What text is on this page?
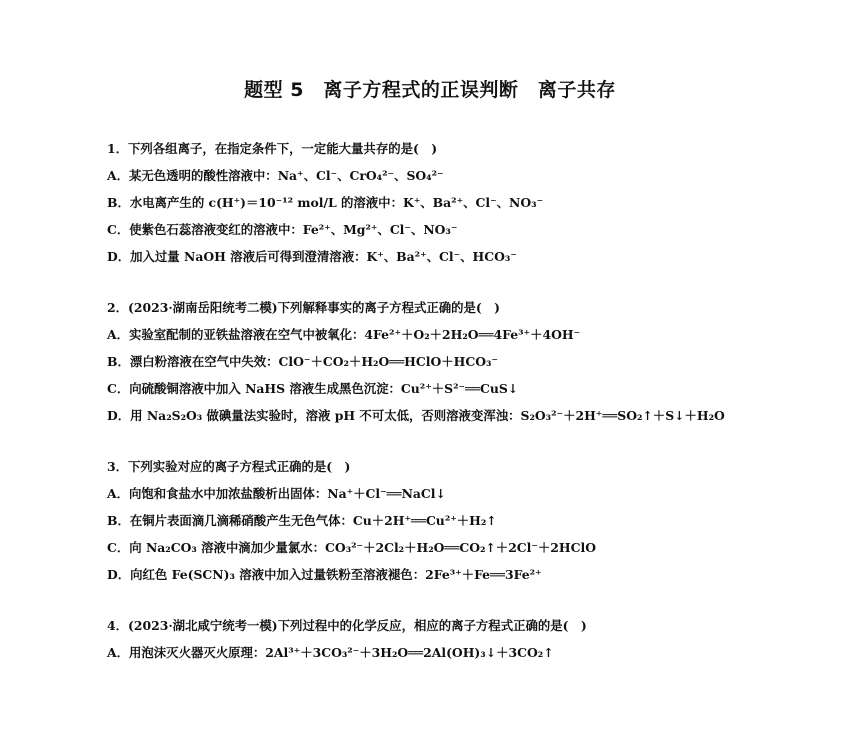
题型 5　离子方程式的正误判断　离子共存
1．下列各组离子，在指定条件下，一定能大量共存的是(　)
A．某无色透明的酸性溶液中：Na⁺、Cl⁻、CrO₄²⁻、SO₄²⁻
B．水电离产生的 c(H⁺)＝10⁻¹² mol/L 的溶液中：K⁺、Ba²⁺、Cl⁻、NO₃⁻
C．使紫色石蕊溶液变红的溶液中：Fe²⁺、Mg²⁺、Cl⁻、NO₃⁻
D．加入过量 NaOH 溶液后可得到澄清溶液：K⁺、Ba²⁺、Cl⁻、HCO₃⁻
2．(2023·湖南岳阳统考二模)下列解释事实的离子方程式正确的是(　)
A．实验室配制的亚铁盐溶液在空气中被氧化：4Fe²⁺＋O₂＋2H₂O══4Fe³⁺＋4OH⁻
B．漂白粉溶液在空气中失效：ClO⁻＋CO₂＋H₂O══HClO＋HCO₃⁻
C．向硫酸铜溶液中加入 NaHS 溶液生成黑色沉淀：Cu²⁺＋S²⁻══CuS↓
D．用 Na₂S₂O₃ 做碘量法实验时，溶液 pH 不可太低，否则溶液变浑浊：S₂O₃²⁻＋2H⁺══SO₂↑＋S↓＋H₂O
3．下列实验对应的离子方程式正确的是(　)
A．向饱和食盐水中加浓盐酸析出固体：Na⁺＋Cl⁻══NaCl↓
B．在铜片表面滴几滴稀硝酸产生无色气体：Cu＋2H⁺══Cu²⁺＋H₂↑
C．向 Na₂CO₃ 溶液中滴加少量氯水：CO₃²⁻＋2Cl₂＋H₂O══CO₂↑＋2Cl⁻＋2HClO
D．向红色 Fe(SCN)₃ 溶液中加入过量铁粉至溶液褪色：2Fe³⁺＋Fe══3Fe²⁺
4．(2023·湖北咸宁统考一模)下列过程中的化学反应，相应的离子方程式正确的是(　)
A．用泡沫灭火器灭火原理：2Al³⁺＋3CO₃²⁻＋3H₂O══2Al(OH)₃↓＋3CO₂↑
